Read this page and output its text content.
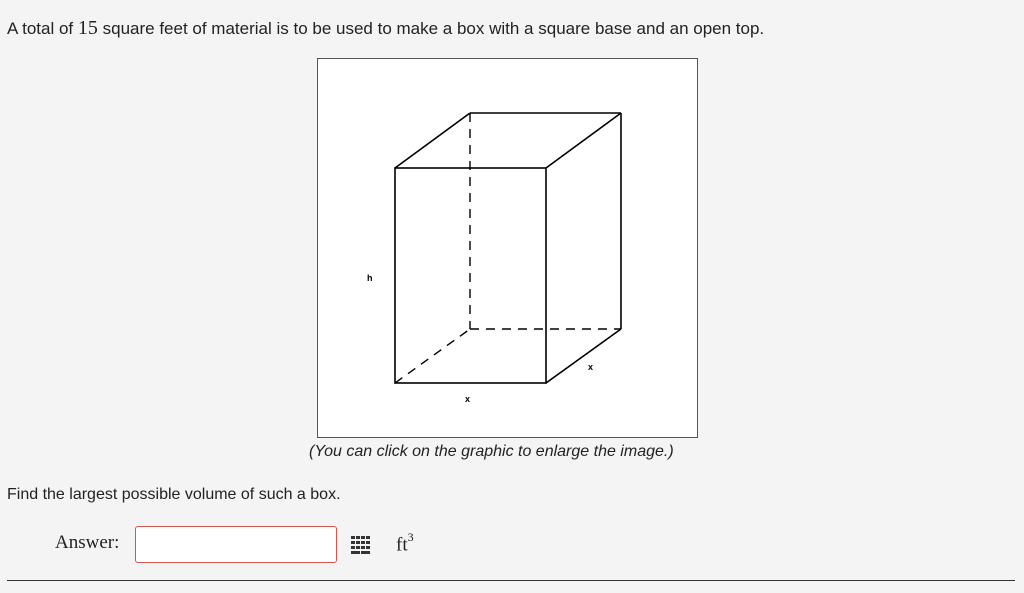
A total of 15 square feet of material is to be used to make a box with a square base and an open top.
h
x
x
(You can click on the graphic to enlarge the image.)
Find the largest possible volume of such a box.
Answer:	$ft^3$
